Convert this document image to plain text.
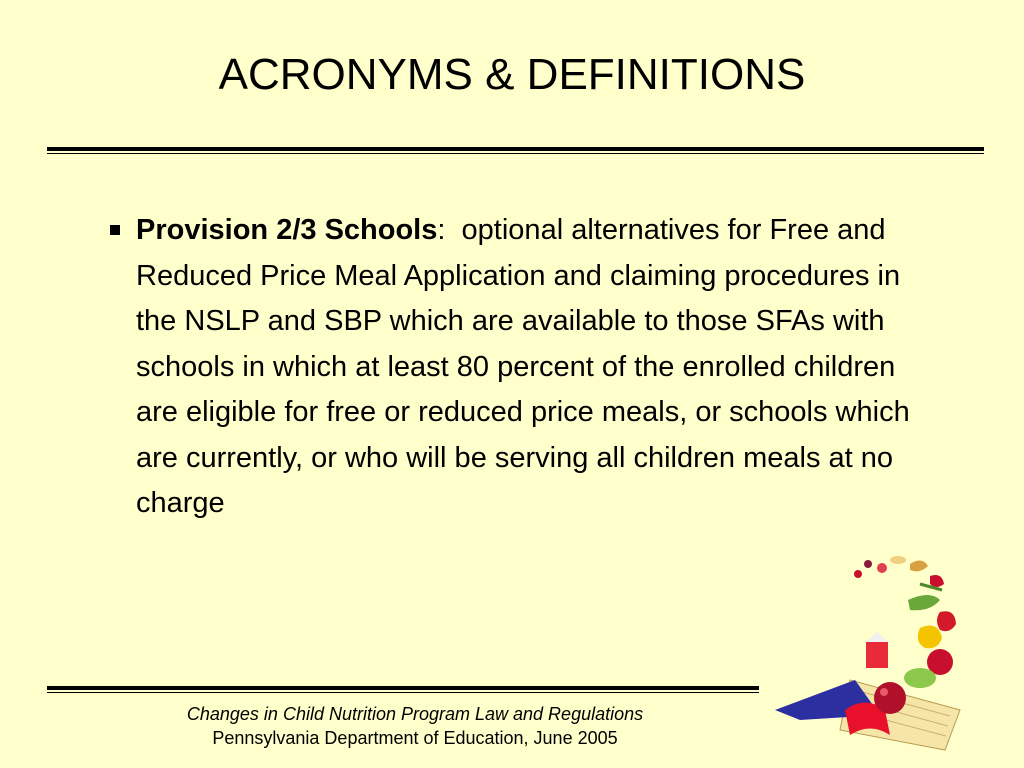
ACRONYMS & DEFINITIONS
Provision 2/3 Schools:  optional alternatives for Free and Reduced Price Meal Application and claiming procedures in the NSLP and SBP which are available to those SFAs with schools in which at least 80 percent of the enrolled children are eligible for free or reduced price meals, or schools which are currently, or who will be serving all children meals at no charge
Changes in Child Nutrition Program Law and Regulations
Pennsylvania Department of Education, June 2005
